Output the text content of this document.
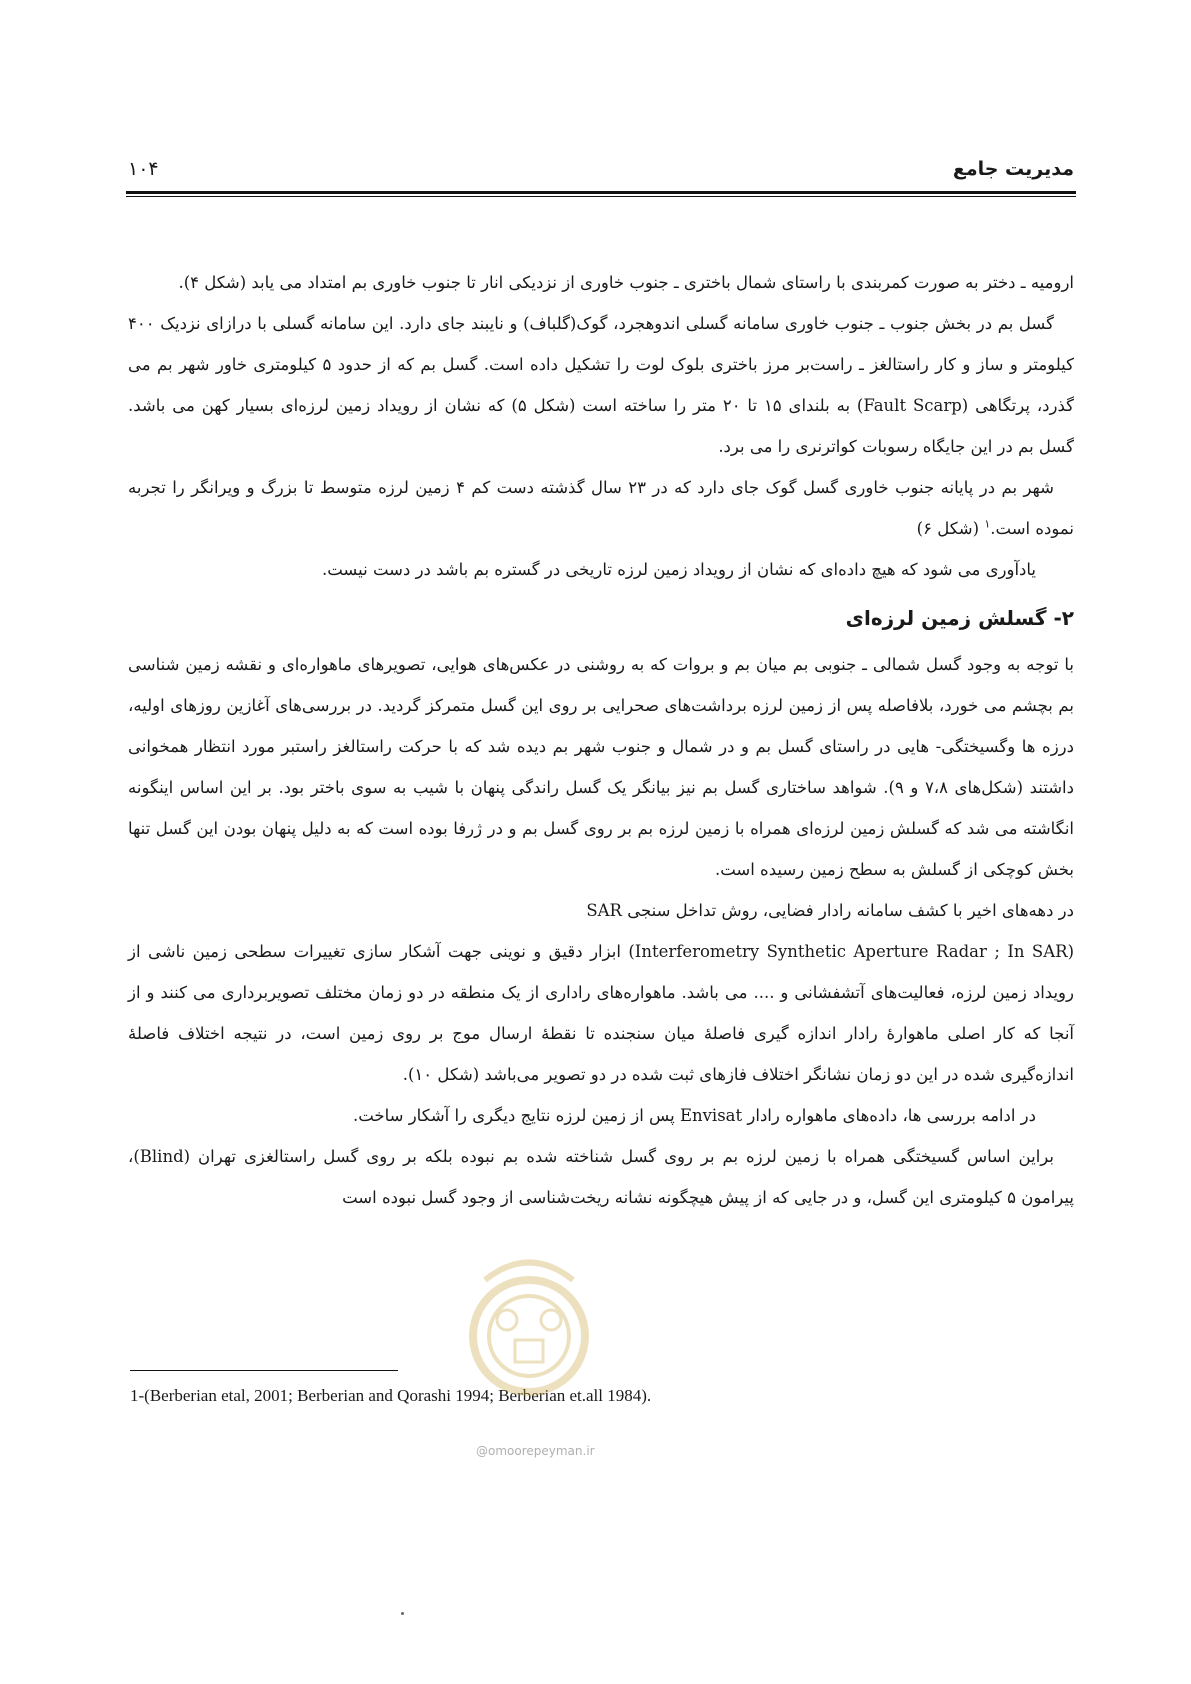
مدیریت جامع
۱۰۴

ارومیه ـ دختر به صورت کمربندی با راستای شمال باختری ـ جنوب خاوری از نزدیکی انار تا جنوب خاوری بم امتداد می یابد (شکل ۴).

گسل بم در بخش جنوب ـ جنوب خاوری سامانه گسلی اندوهجرد، گوک(گلباف) و نایبند جای دارد. این سامانه گسلی با درازای نزدیک ۴۰۰ کیلومتر و ساز و کار راستالغز ـ راست‌بر مرز باختری بلوک لوت را تشکیل داده است. گسل بم که از حدود ۵ کیلومتری خاور شهر بم می گذرد، پرتگاهی (Fault Scarp) به بلندای ۱۵ تا ۲۰ متر را ساخته است (شکل ۵) که نشان از رویداد زمین لرزه‌ای بسیار کهن می باشد. گسل بم در این جایگاه رسوبات کواترنری را می برد.

شهر بم در پایانه جنوب خاوری گسل گوک جای دارد که در ۲۳ سال گذشته دست کم ۴ زمین لرزه متوسط تا بزرگ و ویرانگر را تجربه نموده است.$^۱$ (شکل ۶)

یادآوری می شود که هیچ داده‌ای که نشان از رویداد زمین لرزه تاریخی در گستره بم باشد در دست نیست.

۲- گسلش زمین لرزه‌ای

با توجه به وجود گسل شمالی ـ جنوبی بم میان بم و بروات که به روشنی در عکس‌های هوایی، تصویرهای ماهواره‌ای و نقشه زمین شناسی بم بچشم می خورد، بلافاصله پس از زمین لرزه برداشت‌های صحرایی بر روی این گسل متمرکز گردید. در بررسی‌های آغازین روزهای اولیه، درزه ها وگسیختگی‌- هایی در راستای گسل بم و در شمال و جنوب شهر بم دیده شد که با حرکت راستالغز راستبر مورد انتظار همخوانی داشتند (شکل‌های ۷،۸ و ۹). شواهد ساختاری گسل بم نیز بیانگر یک گسل راندگی پنهان با شیب به سوی باختر بود. بر این اساس اینگونه انگاشته می شد که گسلش زمین لرزه‌ای همراه با زمین لرزه بم بر روی گسل بم و در ژرفا بوده است که به دلیل پنهان بودن این گسل تنها بخش کوچکی از گسلش به سطح زمین رسیده است.

در دهه‌های اخیر با کشف سامانه رادار فضایی، روش تداخل سنجی SAR

(Interferometry Synthetic Aperture Radar ; In SAR) ابزار دقیق و نوینی جهت آشکار سازی تغییرات سطحی زمین ناشی از رویداد زمین لرزه، فعالیت‌های آتشفشانی و .... می باشد. ماهواره‌های راداری از یک منطقه در دو زمان مختلف تصویربرداری می کنند و از آنجا که کار اصلی ماهوارهٔ رادار اندازه گیری فاصلهٔ میان سنجنده تا نقطهٔ ارسال موج بر روی زمین است، در نتیجه اختلاف فاصلهٔ اندازه‌گیری شده در این دو زمان نشانگر اختلاف فازهای ثبت شده در دو تصویر می‌باشد (شکل ۱۰).

در ادامه بررسی ها، داده‌های ماهواره رادار Envisat پس از زمین لرزه نتایج دیگری را آشکار ساخت.

براین اساس گسیختگی همراه با زمین لرزه بم بر روی گسل شناخته شده بم نبوده بلکه بر روی گسل راستالغزی تهران (Blind)، پیرامون ۵ کیلومتری این گسل، و در جایی که از پیش هیچگونه نشانه ریخت‌شناسی از وجود گسل نبوده است

1-(Berberian etal, 2001; Berberian and Qorashi 1994; Berberian et.all 1984).
@omoorepeyman.ir
